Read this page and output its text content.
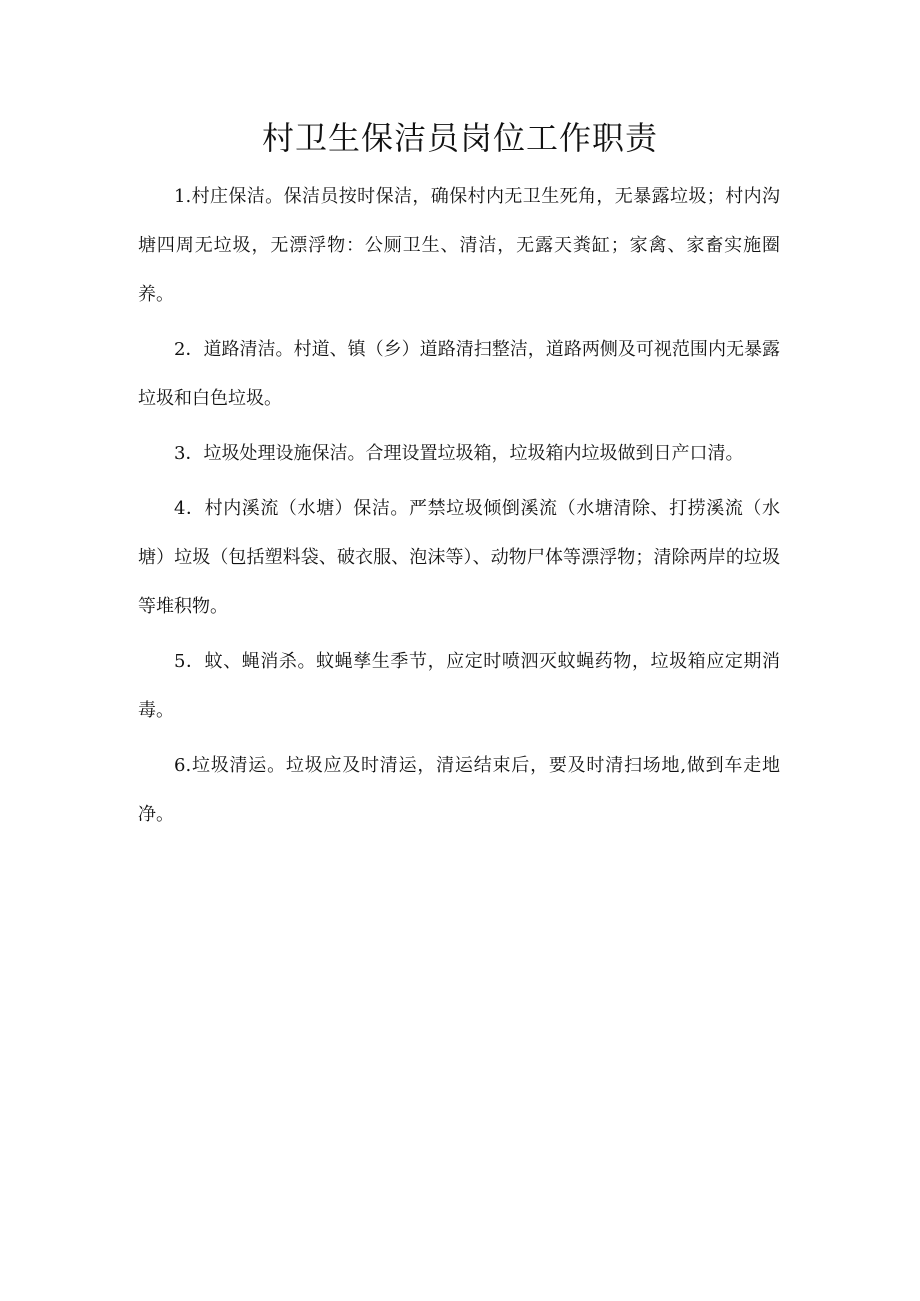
村卫生保洁员岗位工作职责

1.村庄保洁。保洁员按时保洁，确保村内无卫生死角，无暴露垃圾；村内沟塘四周无垃圾，无漂浮物：公厕卫生、清洁，无露天粪缸；家禽、家畜实施圈养。

2．道路清洁。村道、镇（乡）道路清扫整洁，道路两侧及可视范围内无暴露垃圾和白色垃圾。

3．垃圾处理设施保洁。合理设置垃圾箱，垃圾箱内垃圾做到日产口清。

4．村内溪流（水塘）保洁。严禁垃圾倾倒溪流（水塘清除、打捞溪流（水塘）垃圾（包括塑料袋、破衣服、泡沫等）、动物尸体等漂浮物；清除两岸的垃圾等堆积物。

5．蚊、蝇消杀。蚊蝇孳生季节，应定时喷泗灭蚊蝇药物，垃圾箱应定期消毒。

6.垃圾清运。垃圾应及时清运，清运结束后，要及时清扫场地,做到车走地净。
